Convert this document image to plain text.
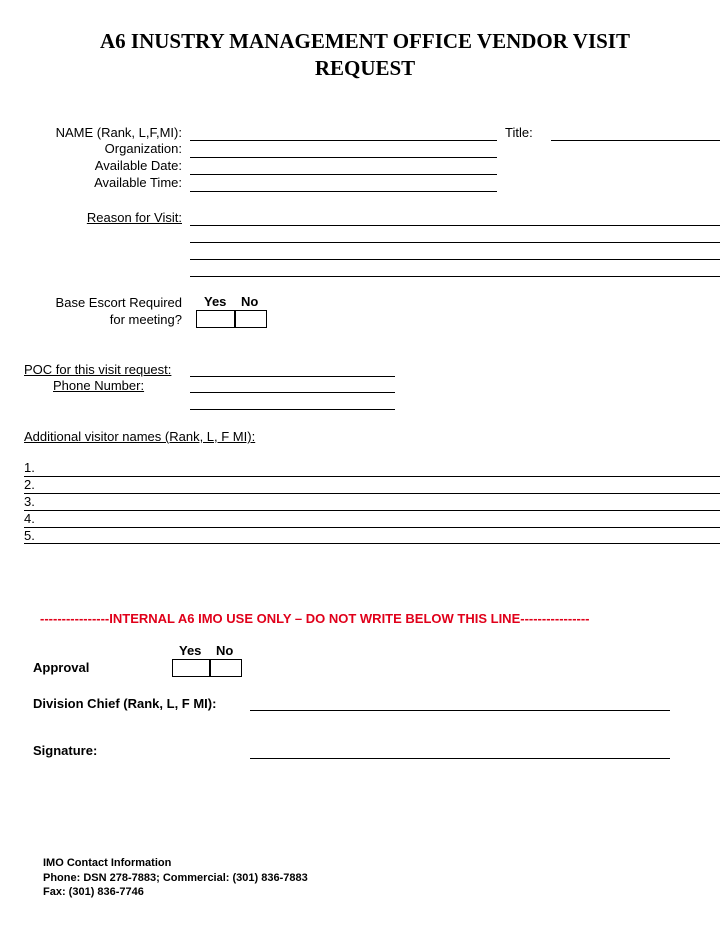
A6 INUSTRY MANAGEMENT OFFICE VENDOR VISIT
REQUEST
NAME (Rank, L,F,MI):	Title:
Organization:
Available Date:
Available Time:
Reason for Visit:
Base Escort Required
for meeting?
Yes No
POC for this visit request:
Phone Number:
Additional visitor names (Rank, L, F MI):
1.
2.
3.
4.
5.
----------------INTERNAL A6 IMO USE ONLY – DO NOT WRITE BELOW THIS LINE----------------
Yes No
Approval
Division Chief (Rank, L, F MI):
Signature:
IMO Contact Information
Phone: DSN 278-7883; Commercial: (301) 836-7883
Fax: (301) 836-7746
